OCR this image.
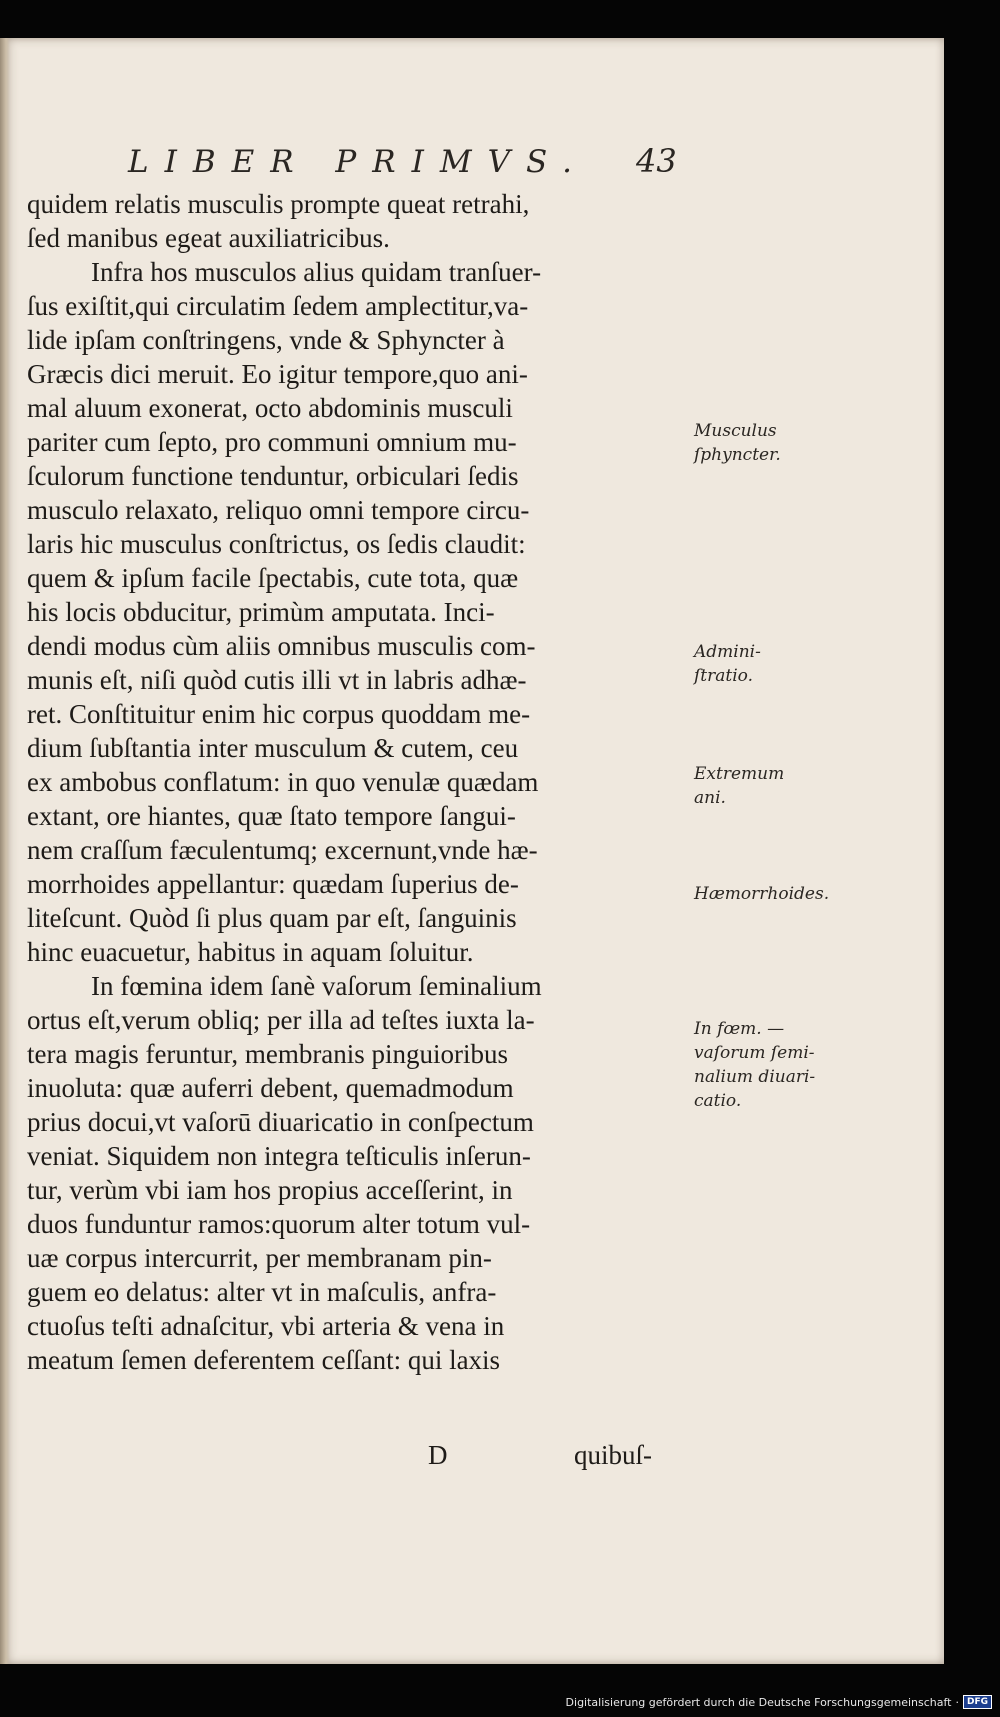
LIBER PRIMVS.	43
quidem relatis musculis prompte queat retrahi,
ſed manibus egeat auxiliatricibus.
Infra hos musculos alius quidam tranſuer-
ſus exiſtit,qui circulatim ſedem amplectitur,va-
lide ipſam conſtringens, vnde & Sphyncter à
Græcis dici meruit. Eo igitur tempore,quo ani-
mal aluum exonerat, octo abdominis musculi
pariter cum ſepto, pro communi omnium mu-
ſculorum functione tenduntur, orbiculari ſedis
musculo relaxato, reliquo omni tempore circu-
laris hic musculus conſtrictus, os ſedis claudit:
quem & ipſum facile ſpectabis, cute tota, quæ
his locis obducitur, primùm amputata. Inci-
dendi modus cùm aliis omnibus musculis com-
munis eſt, niſi quòd cutis illi vt in labris adhæ-
ret. Conſtituitur enim hic corpus quoddam me-
dium ſubſtantia inter musculum & cutem, ceu
ex ambobus conflatum: in quo venulæ quædam
extant, ore hiantes, quæ ſtato tempore ſangui-
nem craſſum fæculentumq; excernunt,vnde hæ-
morrhoides appellantur: quædam ſuperius de-
liteſcunt. Quòd ſi plus quam par eſt, ſanguinis
hinc euacuetur, habitus in aquam ſoluitur.
In fœmina idem ſanè vaſorum ſeminalium
ortus eſt,verum obliq; per illa ad teſtes iuxta la-
tera magis feruntur, membranis pinguioribus
inuoluta: quæ auferri debent, quemadmodum
prius docui,vt vaſorū diuaricatio in conſpectum
veniat. Siquidem non integra teſticulis inſerun-
tur, verùm vbi iam hos propius acceſſerint, in
duos funduntur ramos:quorum alter totum vul-
uæ corpus intercurrit, per membranam pin-
guem eo delatus: alter vt in maſculis, anfra-
ctuoſus teſti adnaſcitur, vbi arteria & vena in
meatum ſemen deferentem ceſſant: qui laxis
D	quibuſ-
Musculus
ſphyncter.
Admini-
ſtratio.
Extremum
ani.
Hæmorrhoides.
In fœm. —
vaſorum ſemi-
nalium diuari-
catio.
Digitalisierung gefördert durch die Deutsche Forschungsgemeinschaft · DFG
